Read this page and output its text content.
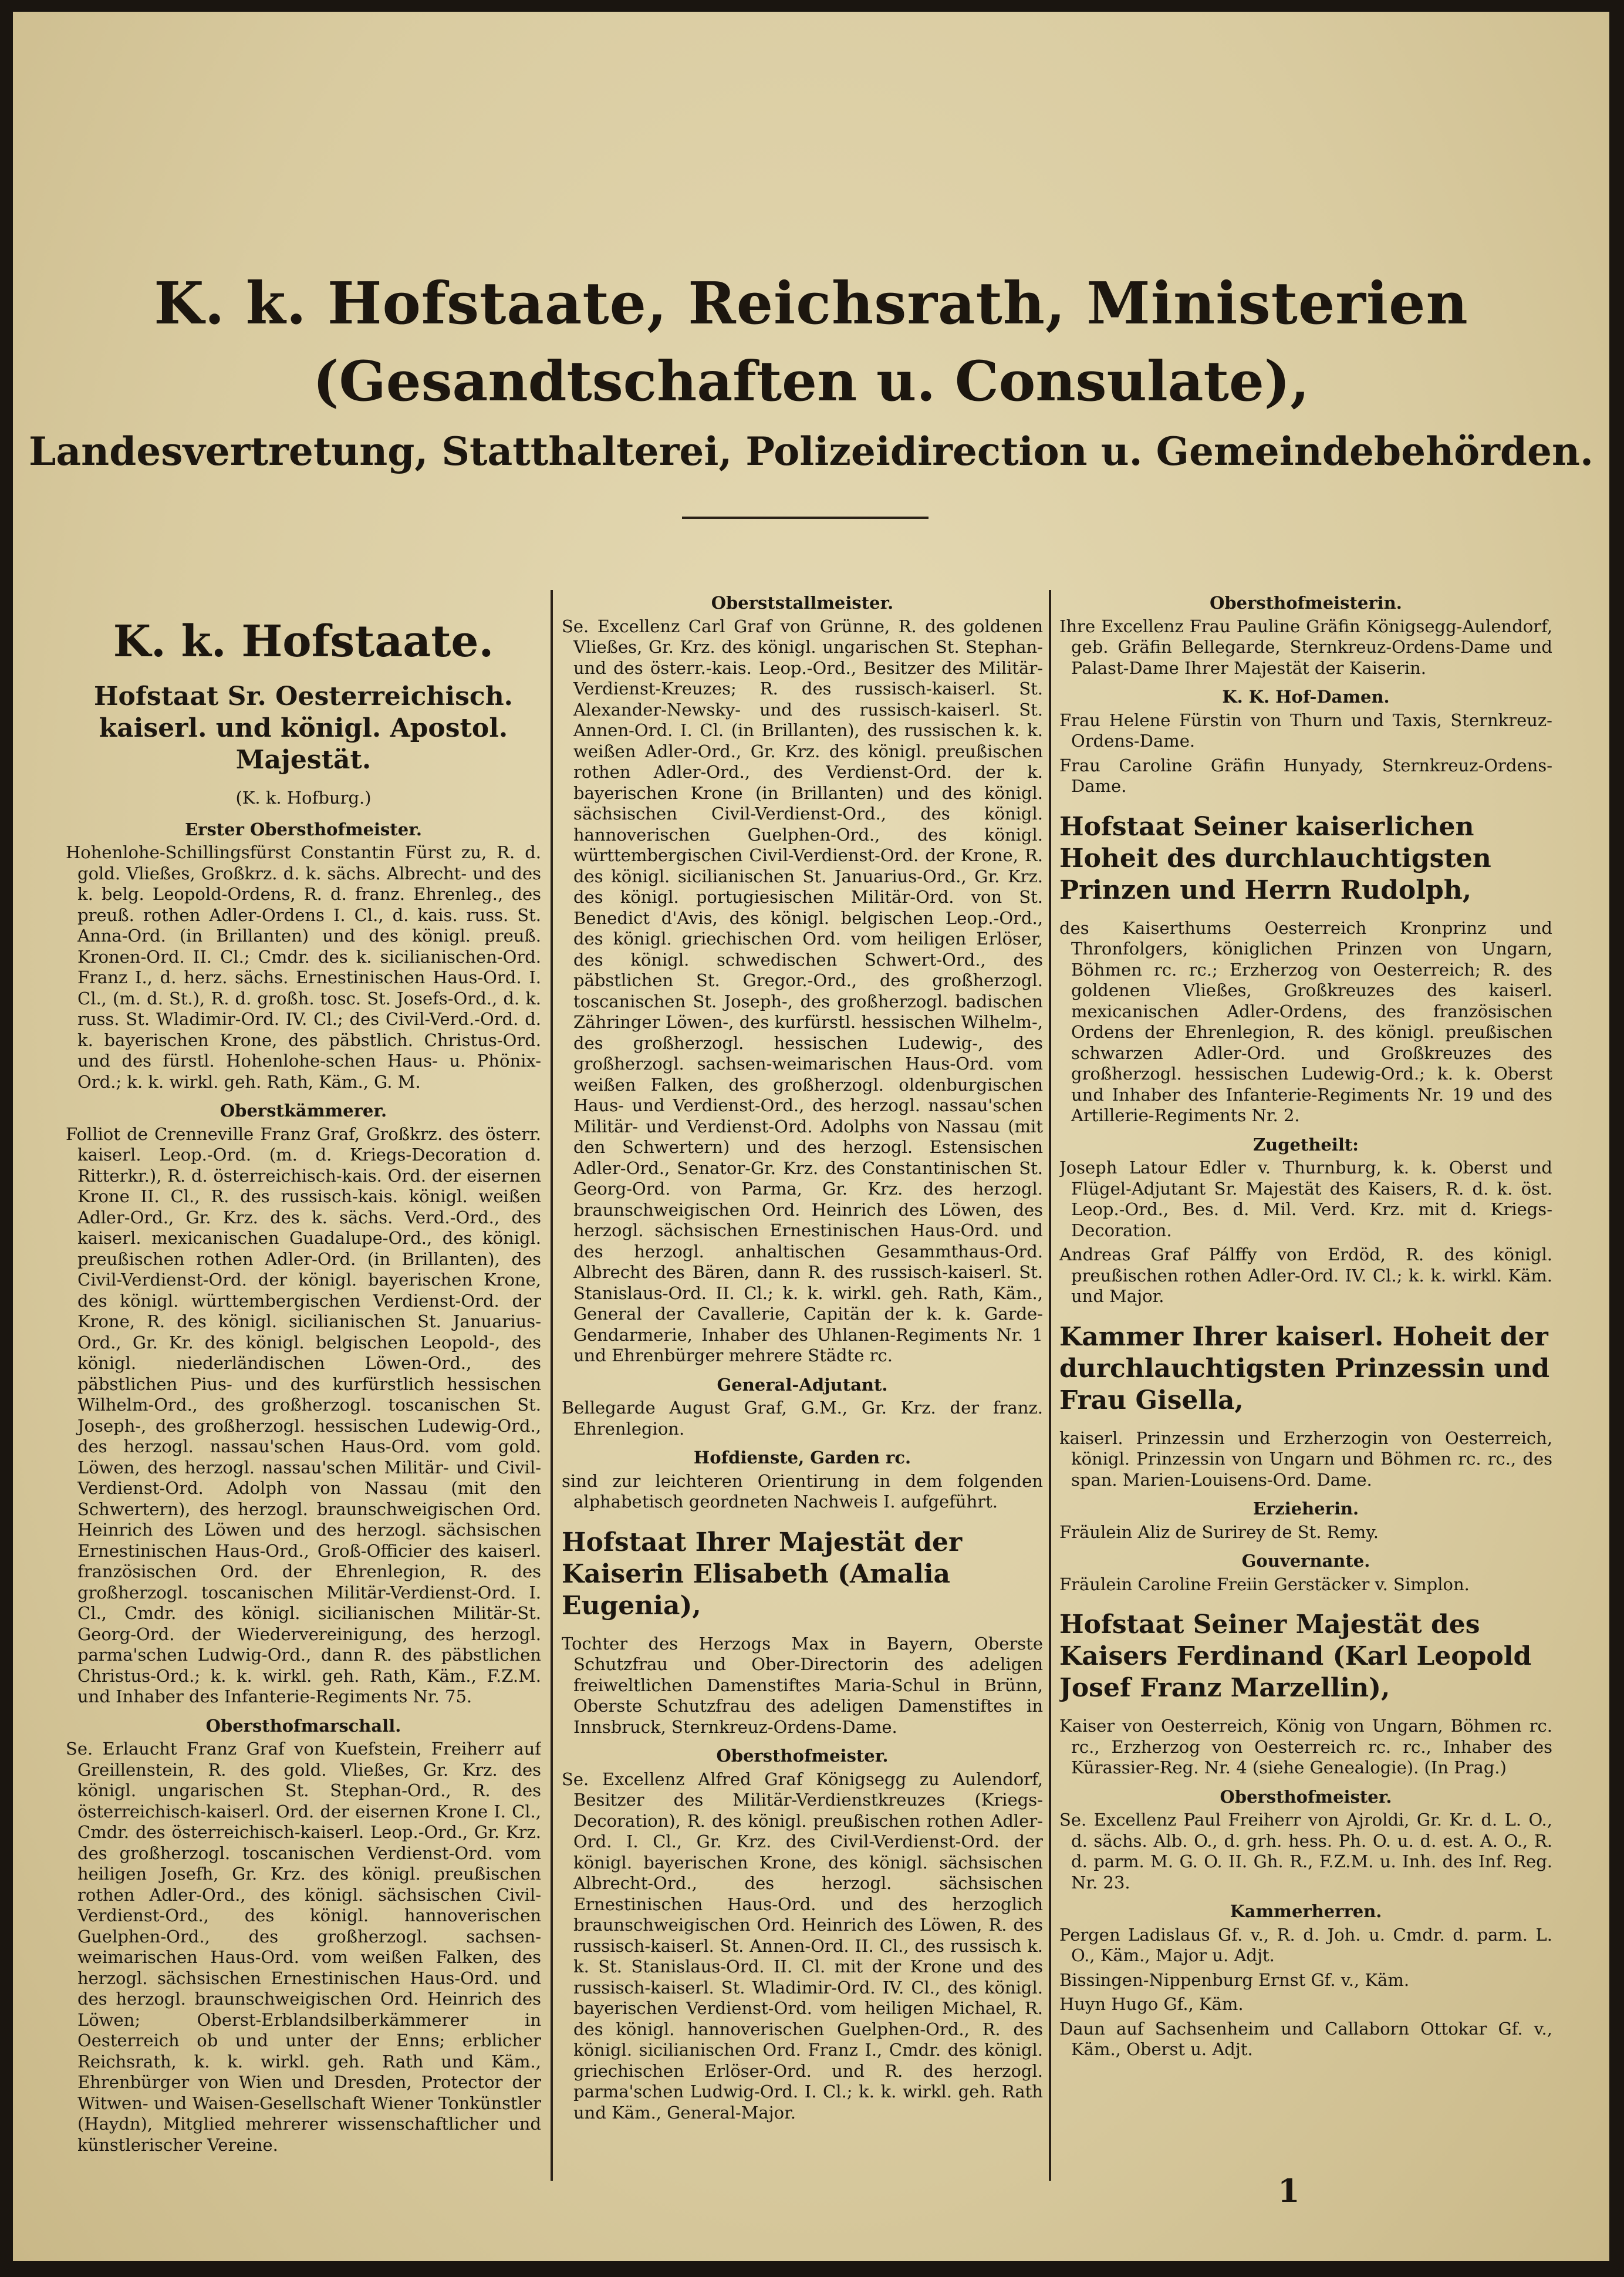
K. k. Hofstaate, Reichsrath, Ministerien
(Gesandtschaften u. Consulate),
Landesvertretung, Statthalterei, Polizeidirection u. Gemeindebehörden.
K. k. Hofstaate.
Hofstaat Sr. Oesterreichisch. kaiserl. und königl. Apostol. Majestät.
(K. k. Hofburg.)
Erster Obersthofmeister.
Hohenlohe-Schillingsfürst Constantin Fürst zu, R. d. gold. Vließes, Großkrz. d. k. sächs. Albrecht- und des k. belg. Leopold-Ordens, R. d. franz. Ehrenleg., des preuß. rothen Adler-Ordens I. Cl., d. kais. russ. St. Anna-Ord. (in Brillanten) und des königl. preuß. Kronen-Ord. II. Cl.; Cmdr. des k. sicilianischen-Ord. Franz I., d. herz. sächs. Ernestinischen Haus-Ord. I. Cl., (m. d. St.), R. d. großh. tosc. St. Josefs-Ord., d. k. russ. St. Wladimir-Ord. IV. Cl.; des Civil-Verd.-Ord. d. k. bayerischen Krone, des päbstlich. Christus-Ord. und des fürstl. Hohenlohe-schen Haus- u. Phönix-Ord.; k. k. wirkl. geh. Rath, Käm., G. M.
Oberstkämmerer.
Folliot de Crenneville Franz Graf, Großkrz. des österr. kaiserl. Leop.-Ord. (m. d. Kriegs-Decoration d. Ritterkr.), R. d. österreichisch-kais. Ord. der eisernen Krone II. Cl., R. des russisch-kais. königl. weißen Adler-Ord., Gr. Krz. des k. sächs. Verd.-Ord., des kaiserl. mexicanischen Guadalupe-Ord., des königl. preußischen rothen Adler-Ord. (in Brillanten), des Civil-Verdienst-Ord. der königl. bayerischen Krone, des königl. württembergischen Verdienst-Ord. der Krone, R. des königl. sicilianischen St. Januarius-Ord., Gr. Kr. des königl. belgischen Leopold-, des königl. niederländischen Löwen-Ord., des päbstlichen Pius- und des kurfürstlich hessischen Wilhelm-Ord., des großherzogl. toscanischen St. Joseph-, des großherzogl. hessischen Ludewig-Ord., des herzogl. nassau'schen Haus-Ord. vom gold. Löwen, des herzogl. nassau'schen Militär- und Civil-Verdienst-Ord. Adolph von Nassau (mit den Schwertern), des herzogl. braunschweigischen Ord. Heinrich des Löwen und des herzogl. sächsischen Ernestinischen Haus-Ord., Groß-Officier des kaiserl. französischen Ord. der Ehrenlegion, R. des großherzogl. toscanischen Militär-Verdienst-Ord. I. Cl., Cmdr. des königl. sicilianischen Militär-St. Georg-Ord. der Wiedervereinigung, des herzogl. parma'schen Ludwig-Ord., dann R. des päbstlichen Christus-Ord.; k. k. wirkl. geh. Rath, Käm., F.Z.M. und Inhaber des Infanterie-Regiments Nr. 75.
Obersthofmarschall.
Se. Erlaucht Franz Graf von Kuefstein, Freiherr auf Greillenstein, R. des gold. Vließes, Gr. Krz. des königl. ungarischen St. Stephan-Ord., R. des österreichisch-kaiserl. Ord. der eisernen Krone I. Cl., Cmdr. des österreichisch-kaiserl. Leop.-Ord., Gr. Krz. des großherzogl. toscanischen Verdienst-Ord. vom heiligen Josefh, Gr. Krz. des königl. preußischen rothen Adler-Ord., des königl. sächsischen Civil-Verdienst-Ord., des königl. hannoverischen Guelphen-Ord., des großherzogl. sachsen-weimarischen Haus-Ord. vom weißen Falken, des herzogl. sächsischen Ernestinischen Haus-Ord. und des herzogl. braunschweigischen Ord. Heinrich des Löwen; Oberst-Erblandsilberkämmerer in Oesterreich ob und unter der Enns; erblicher Reichsrath, k. k. wirkl. geh. Rath und Käm., Ehrenbürger von Wien und Dresden, Protector der Witwen- und Waisen-Gesellschaft Wiener Tonkünstler (Haydn), Mitglied mehrerer wissenschaftlicher und künstlerischer Vereine.
Oberststallmeister.
Se. Excellenz Carl Graf von Grünne, R. des goldenen Vließes, Gr. Krz. des königl. ungarischen St. Stephan- und des österr.-kais. Leop.-Ord., Besitzer des Militär-Verdienst-Kreuzes; R. des russisch-kaiserl. St. Alexander-Newsky- und des russisch-kaiserl. St. Annen-Ord. I. Cl. (in Brillanten), des russischen k. k. weißen Adler-Ord., Gr. Krz. des königl. preußischen rothen Adler-Ord., des Verdienst-Ord. der k. bayerischen Krone (in Brillanten) und des königl. sächsischen Civil-Verdienst-Ord., des königl. hannoverischen Guelphen-Ord., des königl. württembergischen Civil-Verdienst-Ord. der Krone, R. des königl. sicilianischen St. Januarius-Ord., Gr. Krz. des königl. portugiesischen Militär-Ord. von St. Benedict d'Avis, des königl. belgischen Leop.-Ord., des königl. griechischen Ord. vom heiligen Erlöser, des königl. schwedischen Schwert-Ord., des päbstlichen St. Gregor.-Ord., des großherzogl. toscanischen St. Joseph-, des großherzogl. badischen Zähringer Löwen-, des kurfürstl. hessischen Wilhelm-, des großherzogl. hessischen Ludewig-, des großherzogl. sachsen-weimarischen Haus-Ord. vom weißen Falken, des großherzogl. oldenburgischen Haus- und Verdienst-Ord., des herzogl. nassau'schen Militär- und Verdienst-Ord. Adolphs von Nassau (mit den Schwertern) und des herzogl. Estensischen Adler-Ord., Senator-Gr. Krz. des Constantinischen St. Georg-Ord. von Parma, Gr. Krz. des herzogl. braunschweigischen Ord. Heinrich des Löwen, des herzogl. sächsischen Ernestinischen Haus-Ord. und des herzogl. anhaltischen Gesammthaus-Ord. Albrecht des Bären, dann R. des russisch-kaiserl. St. Stanislaus-Ord. II. Cl.; k. k. wirkl. geh. Rath, Käm., General der Cavallerie, Capitän der k. k. Garde-Gendarmerie, Inhaber des Uhlanen-Regiments Nr. 1 und Ehrenbürger mehrere Städte rc.
General-Adjutant.
Bellegarde August Graf, G.M., Gr. Krz. der franz. Ehrenlegion.
Hofdienste, Garden rc.
sind zur leichteren Orientirung in dem folgenden alphabetisch geordneten Nachweis I. aufgeführt.
Hofstaat Ihrer Majestät der Kaiserin Elisabeth (Amalia Eugenia),
Tochter des Herzogs Max in Bayern, Oberste Schutzfrau und Ober-Directorin des adeligen freiweltlichen Damenstiftes Maria-Schul in Brünn, Oberste Schutzfrau des adeligen Damenstiftes in Innsbruck, Sternkreuz-Ordens-Dame.
Obersthofmeister.
Se. Excellenz Alfred Graf Königsegg zu Aulendorf, Besitzer des Militär-Verdienstkreuzes (Kriegs-Decoration), R. des königl. preußischen rothen Adler-Ord. I. Cl., Gr. Krz. des Civil-Verdienst-Ord. der königl. bayerischen Krone, des königl. sächsischen Albrecht-Ord., des herzogl. sächsischen Ernestinischen Haus-Ord. und des herzoglich braunschweigischen Ord. Heinrich des Löwen, R. des russisch-kaiserl. St. Annen-Ord. II. Cl., des russisch k. k. St. Stanislaus-Ord. II. Cl. mit der Krone und des russisch-kaiserl. St. Wladimir-Ord. IV. Cl., des königl. bayerischen Verdienst-Ord. vom heiligen Michael, R. des königl. hannoverischen Guelphen-Ord., R. des königl. sicilianischen Ord. Franz I., Cmdr. des königl. griechischen Erlöser-Ord. und R. des herzogl. parma'schen Ludwig-Ord. I. Cl.; k. k. wirkl. geh. Rath und Käm., General-Major.
Obersthofmeisterin.
Ihre Excellenz Frau Pauline Gräfin Königsegg-Aulendorf, geb. Gräfin Bellegarde, Sternkreuz-Ordens-Dame und Palast-Dame Ihrer Majestät der Kaiserin.
K. K. Hof-Damen.
Frau Helene Fürstin von Thurn und Taxis, Sternkreuz-Ordens-Dame.
Frau Caroline Gräfin Hunyady, Sternkreuz-Ordens-Dame.
Hofstaat Seiner kaiserlichen Hoheit des durchlauchtigsten Prinzen und Herrn Rudolph,
des Kaiserthums Oesterreich Kronprinz und Thronfolgers, königlichen Prinzen von Ungarn, Böhmen rc. rc.; Erzherzog von Oesterreich; R. des goldenen Vließes, Großkreuzes des kaiserl. mexicanischen Adler-Ordens, des französischen Ordens der Ehrenlegion, R. des königl. preußischen schwarzen Adler-Ord. und Großkreuzes des großherzogl. hessischen Ludewig-Ord.; k. k. Oberst und Inhaber des Infanterie-Regiments Nr. 19 und des Artillerie-Regiments Nr. 2.
Zugetheilt:
Joseph Latour Edler v. Thurnburg, k. k. Oberst und Flügel-Adjutant Sr. Majestät des Kaisers, R. d. k. öst. Leop.-Ord., Bes. d. Mil. Verd. Krz. mit d. Kriegs-Decoration.
Andreas Graf Pálffy von Erdöd, R. des königl. preußischen rothen Adler-Ord. IV. Cl.; k. k. wirkl. Käm. und Major.
Kammer Ihrer kaiserl. Hoheit der durchlauchtigsten Prinzessin und Frau Gisella,
kaiserl. Prinzessin und Erzherzogin von Oesterreich, königl. Prinzessin von Ungarn und Böhmen rc. rc., des span. Marien-Louisens-Ord. Dame.
Erzieherin.
Fräulein Aliz de Surirey de St. Remy.
Gouvernante.
Fräulein Caroline Freiin Gerstäcker v. Simplon.
Hofstaat Seiner Majestät des Kaisers Ferdinand (Karl Leopold Josef Franz Marzellin),
Kaiser von Oesterreich, König von Ungarn, Böhmen rc. rc., Erzherzog von Oesterreich rc. rc., Inhaber des Kürassier-Reg. Nr. 4 (siehe Genealogie). (In Prag.)
Obersthofmeister.
Se. Excellenz Paul Freiherr von Ajroldi, Gr. Kr. d. L. O., d. sächs. Alb. O., d. grh. hess. Ph. O. u. d. est. A. O., R. d. parm. M. G. O. II. Gh. R., F.Z.M. u. Inh. des Inf. Reg. Nr. 23.
Kammerherren.
Pergen Ladislaus Gf. v., R. d. Joh. u. Cmdr. d. parm. L. O., Käm., Major u. Adjt.
Bissingen-Nippenburg Ernst Gf. v., Käm.
Huyn Hugo Gf., Käm.
Daun auf Sachsenheim und Callaborn Ottokar Gf. v., Käm., Oberst u. Adjt.
1
